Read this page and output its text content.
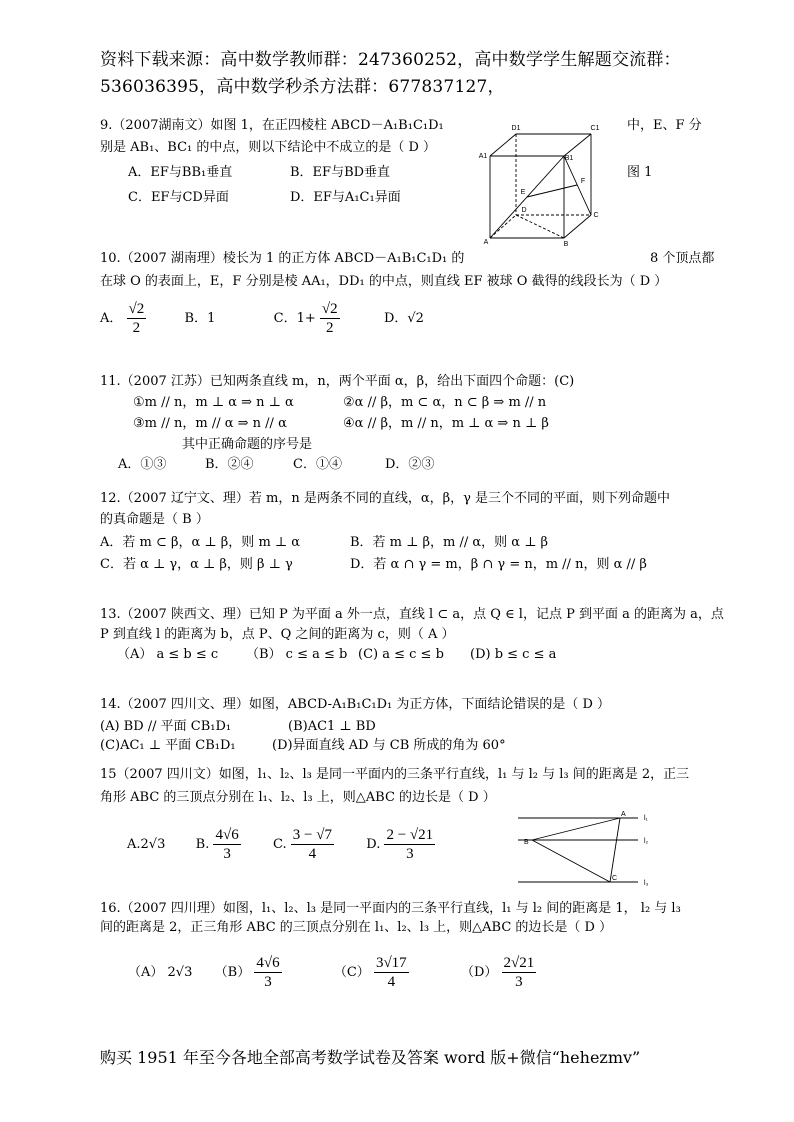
资料下载来源：高中数学教师群：247360252，高中数学学生解题交流群：
536036395，高中数学秒杀方法群：677837127，
9.（2007湖南文）如图 1，在正四棱柱 ABCD－A₁B₁C₁D₁	中，E、F 分
别是 AB₁、BC₁ 的中点，则以下结论中不成立的是（ D ）
A．EF与BB₁垂直	B．EF与BD垂直
C．EF与CD异面	D．EF与A₁C₁异面
图 1
D1	C1
A1	B1
E
F
D
C
A	B
10.（2007 湖南理）棱长为 1 的正方体 ABCD－A₁B₁C₁D₁ 的	8 个顶点都
在球 O 的表面上，E，F 分别是棱 AA₁，DD₁ 的中点，则直线 EF 被球 O 截得的线段长为（ D ）
A． $\frac{√2}{2}$	B．1	C．$1+ \frac{√2}{2}$	D．√2
11.（2007 江苏）已知两条直线 m，n，两个平面 α，β，给出下面四个命题：(C)
①m // n，m ⊥ α ⇒ n ⊥ α	②α // β，m ⊂ α，n ⊂ β ⇒ m // n
③m // n，m // α ⇒ n // α	④α // β，m // n，m ⊥ α ⇒ n ⊥ β
其中正确命题的序号是
A．①③	B．②④	C．①④	D．②③
12.（2007 辽宁文、理）若 m，n 是两条不同的直线，α，β，γ 是三个不同的平面，则下列命题中
的真命题是（ B ）
A．若 m ⊂ β，α ⊥ β，则 m ⊥ α	B．若 m ⊥ β，m // α，则 α ⊥ β
C．若 α ⊥ γ，α ⊥ β，则 β ⊥ γ	D．若 α ∩ γ = m，β ∩ γ = n，m // n，则 α // β
13.（2007 陕西文、理）已知 P 为平面 a 外一点，直线 l ⊂ a，点 Q ∈ l，记点 P 到平面 a 的距离为 a，点
P 到直线 l 的距离为 b，点 P、Q 之间的距离为 c，则（ A ）
（A） a ≤ b ≤ c （B） c ≤ a ≤ b (C) a ≤ c ≤ b (D) b ≤ c ≤ a
14.（2007 四川文、理）如图，ABCD-A₁B₁C₁D₁ 为正方体，下面结论错误的是（ D ）
(A) BD // 平面 CB₁D₁	(B)AC1 ⊥ BD
(C)AC₁ ⊥ 平面 CB₁D₁	(D)异面直线 AD 与 CB 所成的角为 60°
15（2007 四川文）如图，l₁、l₂、l₃ 是同一平面内的三条平行直线，l₁ 与 l₂ 与 l₃ 间的距离是 2，正三
角形 ABC 的三顶点分别在 l₁、l₂、l₃ 上，则△ABC 的边长是（ D ）
A.2√3 B. $\frac{4√6}{3} C$. $\frac{3 - √7}{4} D$. $\frac{2 - √21}{3}$
A
l₁
l₂
B
C
l₃
16.（2007 四川理）如图，l₁、l₂、l₃ 是同一平面内的三条平行直线，l₁ 与 l₂ 间的距离是 1， l₂ 与 l₃
间的距离是 2，正三角形 ABC 的三顶点分别在 l₁、l₂、l₃ 上，则△ABC 的边长是（ D ）
（A） 2√3 $(B) \frac{4√6}{3}$	$(C) \frac{3√17}{4}$	$(D) \frac{2√21}{3}$
购买 1951 年至今各地全部高考数学试卷及答案 word 版+微信“hehezmv”
